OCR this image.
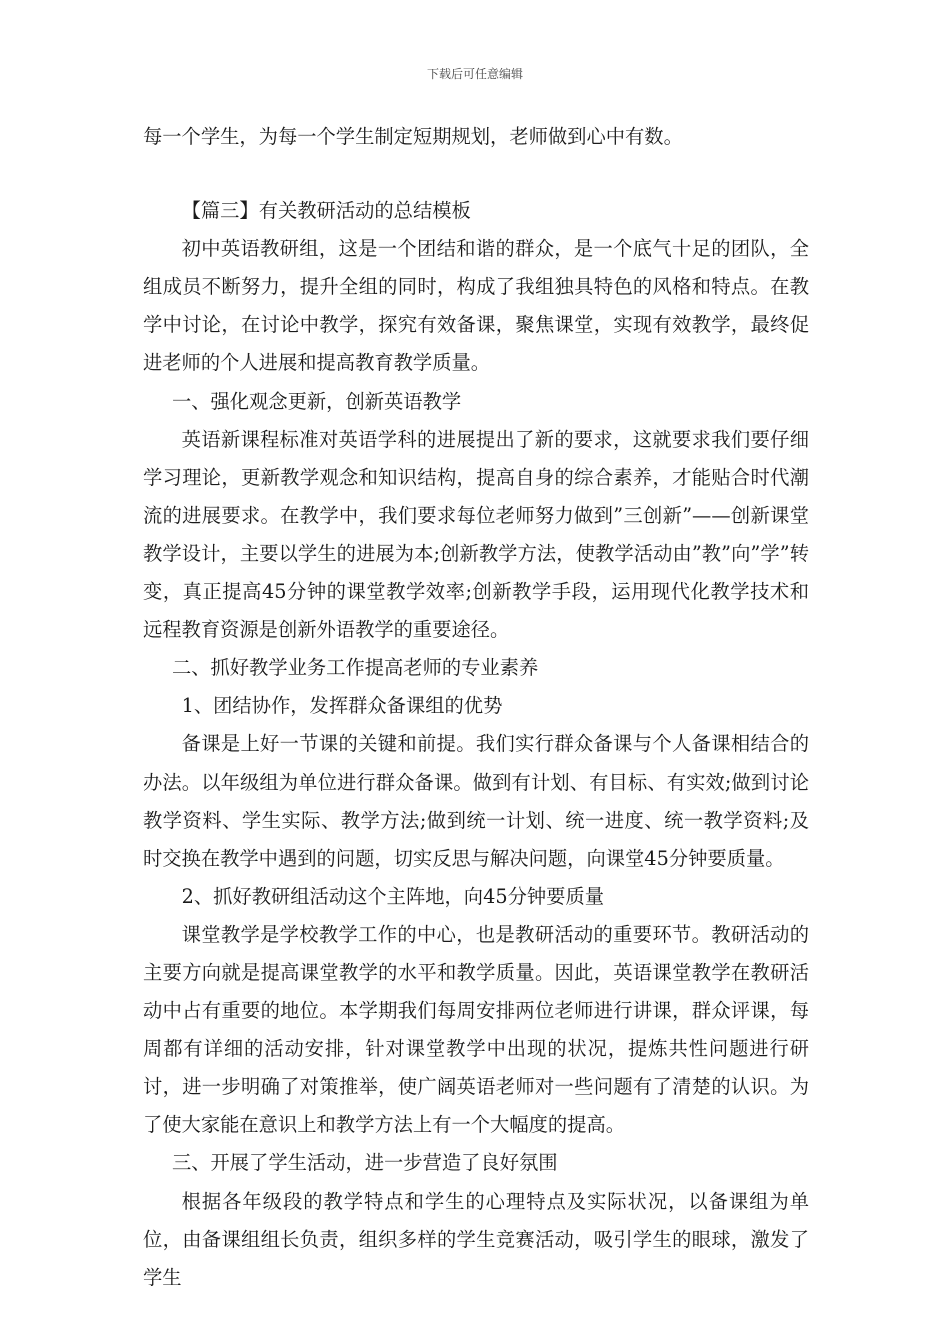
下载后可任意编辑

每一个学生，为每一个学生制定短期规划，老师做到心中有数。

【篇三】有关教研活动的总结模板

初中英语教研组，这是一个团结和谐的群众，是一个底气十足的团队，全组成员不断努力，提升全组的同时，构成了我组独具特色的风格和特点。在教学中讨论，在讨论中教学，探究有效备课，聚焦课堂，实现有效教学，最终促进老师的个人进展和提高教育教学质量。

一、强化观念更新，创新英语教学

英语新课程标准对英语学科的进展提出了新的要求，这就要求我们要仔细学习理论，更新教学观念和知识结构，提高自身的综合素养，才能贴合时代潮流的进展要求。在教学中，我们要求每位老师努力做到”三创新”——创新课堂教学设计，主要以学生的进展为本;创新教学方法，使教学活动由”教”向”学”转变，真正提高45分钟的课堂教学效率;创新教学手段，运用现代化教学技术和远程教育资源是创新外语教学的重要途径。

二、抓好教学业务工作提高老师的专业素养

1、团结协作，发挥群众备课组的优势

备课是上好一节课的关键和前提。我们实行群众备课与个人备课相结合的办法。以年级组为单位进行群众备课。做到有计划、有目标、有实效;做到讨论教学资料、学生实际、教学方法;做到统一计划、统一进度、统一教学资料;及时交换在教学中遇到的问题，切实反思与解决问题，向课堂45分钟要质量。

2、抓好教研组活动这个主阵地，向45分钟要质量

课堂教学是学校教学工作的中心，也是教研活动的重要环节。教研活动的主要方向就是提高课堂教学的水平和教学质量。因此，英语课堂教学在教研活动中占有重要的地位。本学期我们每周安排两位老师进行讲课，群众评课，每周都有详细的活动安排，针对课堂教学中出现的状况，提炼共性问题进行研讨，进一步明确了对策推举，使广阔英语老师对一些问题有了清楚的认识。为了使大家能在意识上和教学方法上有一个大幅度的提高。

三、开展了学生活动，进一步营造了良好氛围

根据各年级段的教学特点和学生的心理特点及实际状况，以备课组为单位，由备课组组长负责，组织多样的学生竞赛活动，吸引学生的眼球，激发了学生
